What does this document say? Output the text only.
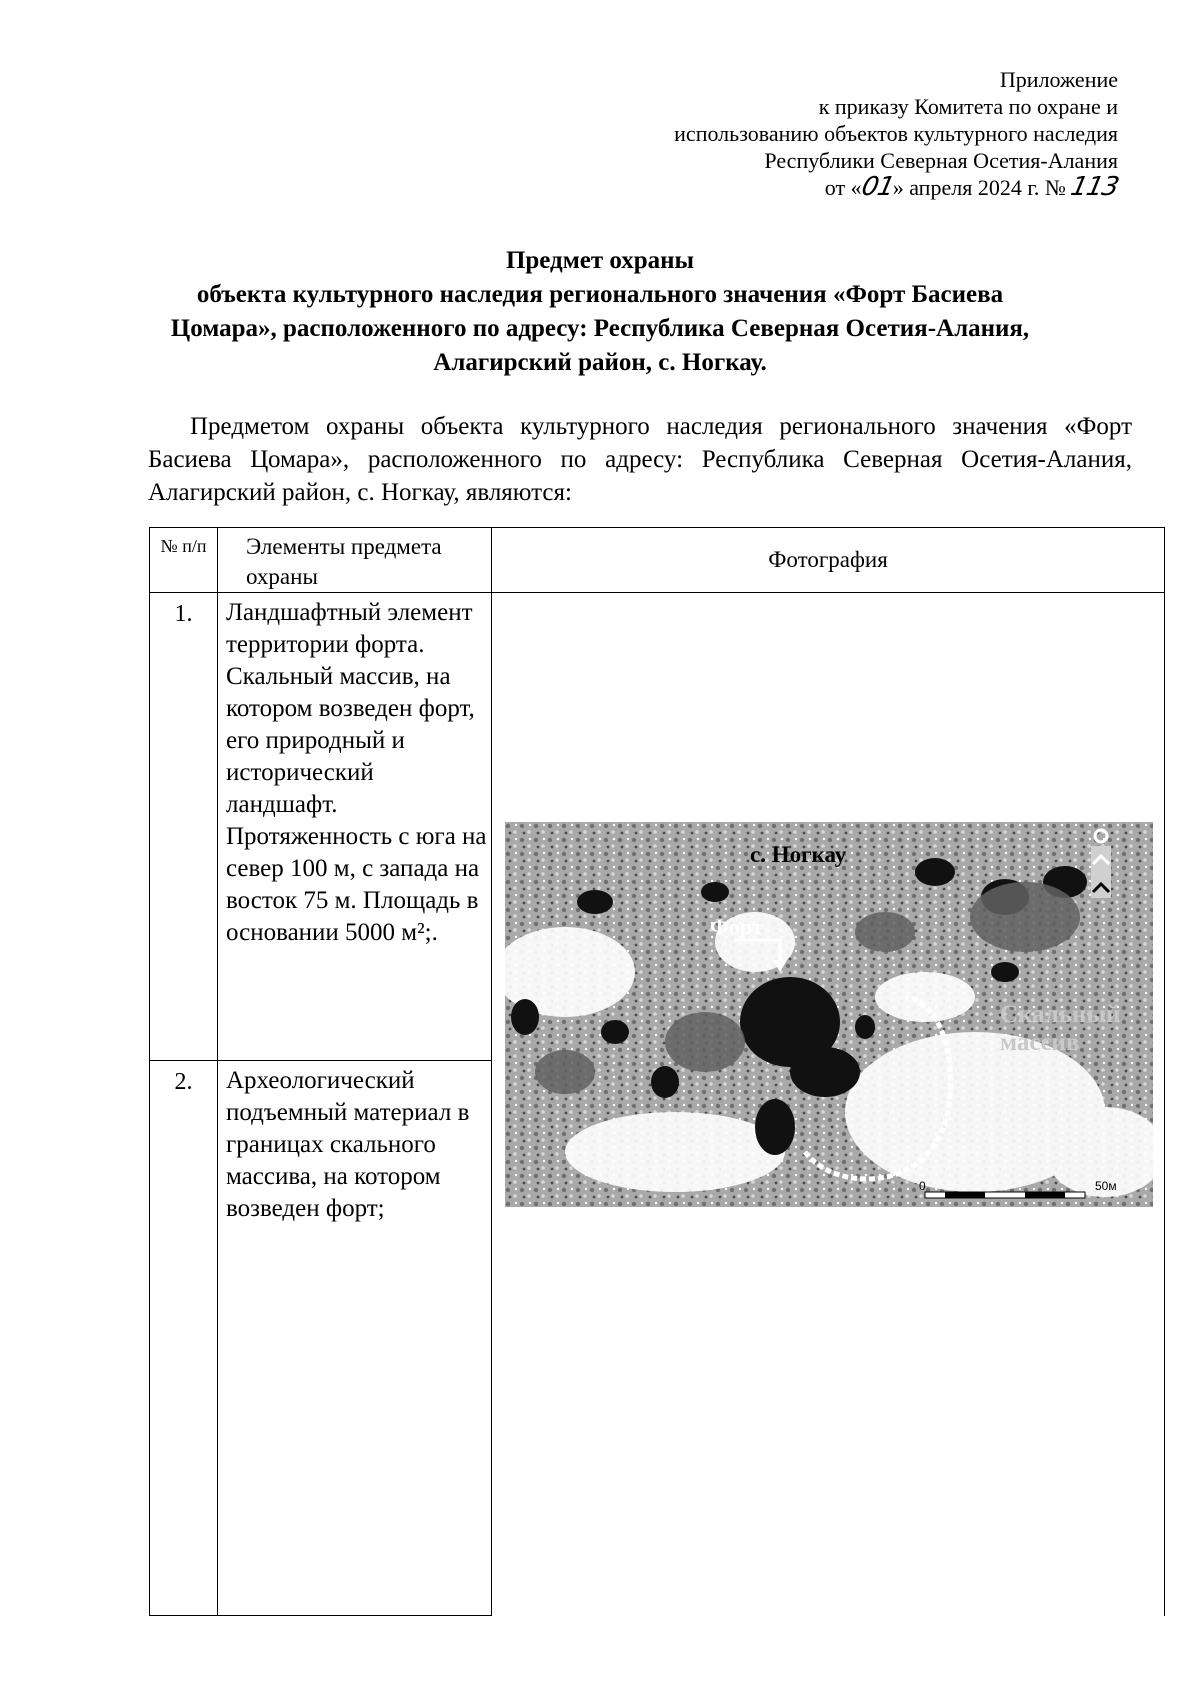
Приложение
к приказу Комитета по охране и
использованию объектов культурного наследия
Республики Северная Осетия-Алания
от «01» апреля 2024 г. № 113
Предмет охраны
объекта культурного наследия регионального значения «Форт Басиева
Цомара», расположенного по адресу: Республика Северная Осетия-Алания,
Алагирский район, с. Ногкау.

Предметом охраны объекта культурного наследия регионального значения «Форт Басиева Цомара», расположенного по адресу: Республика Северная Осетия-Алания, Алагирский район, с. Ногкау, являются:

№ п/п	Элементы предмета охраны	Фотография
1.	Ландшафтный элемент территории форта. Скальный массив, на котором возведен форт, его природный и исторический ландшафт. Протяженность с юга на север 100 м, с запада на восток 75 м. Площадь в основании 5000 м²;.	
2.	Археологический подъемный материал в границах скального массива, на котором возведен форт;	
с. Ногкау
Форт
Скальный
массив
0	50м
